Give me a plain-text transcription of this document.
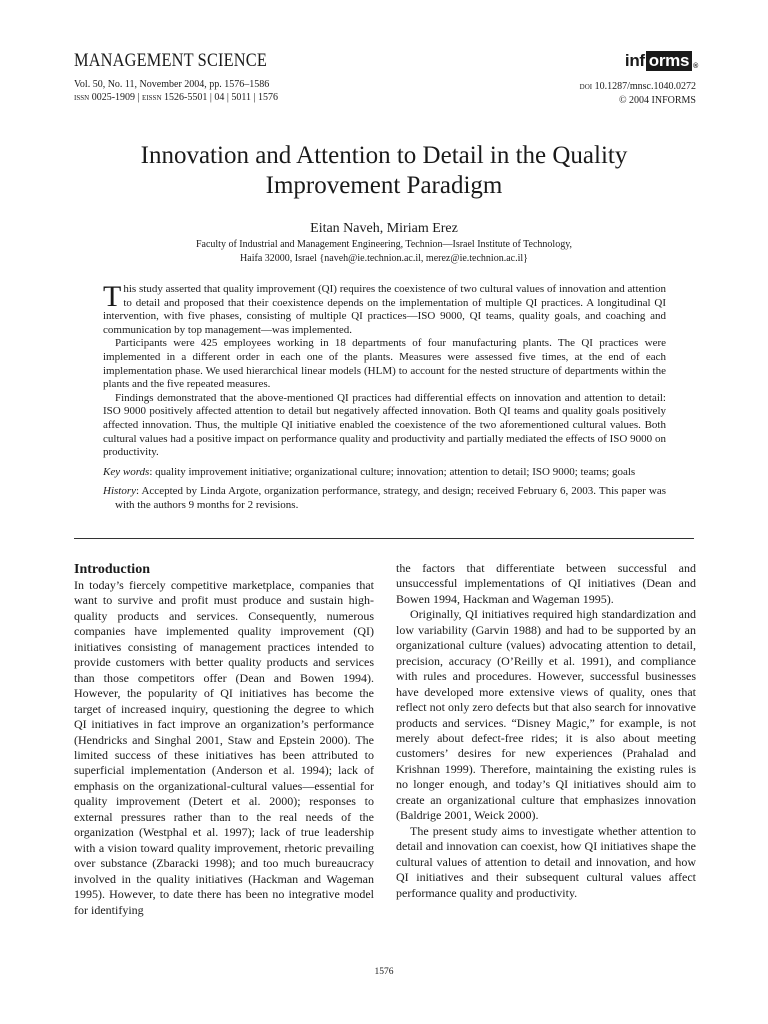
MANAGEMENT SCIENCE
Vol. 50, No. 11, November 2004, pp. 1576–1586
issn 0025-1909 | eissn 1526-5501 | 04 | 5011 | 1576
inf orms ®
doi 10.1287/mnsc.1040.0272
© 2004 INFORMS
Innovation and Attention to Detail in the Quality Improvement Paradigm
Eitan Naveh, Miriam Erez
Faculty of Industrial and Management Engineering, Technion—Israel Institute of Technology,
Haifa 32000, Israel {naveh@ie.technion.ac.il, merez@ie.technion.ac.il}

This study asserted that quality improvement (QI) requires the coexistence of two cultural values of innovation and attention to detail and proposed that their coexistence depends on the implementation of multiple QI practices. A longitudinal QI intervention, with five phases, consisting of multiple QI practices—ISO 9000, QI teams, quality goals, and coaching and communication by top management—was implemented.

Participants were 425 employees working in 18 departments of four manufacturing plants. The QI practices were implemented in a different order in each one of the plants. Measures were assessed five times, at the end of each implementation phase. We used hierarchical linear models (HLM) to account for the nested structure of departments within the plants and the five repeated measures.

Findings demonstrated that the above-mentioned QI practices had differential effects on innovation and attention to detail: ISO 9000 positively affected attention to detail but negatively affected innovation. Both QI teams and quality goals positively affected innovation. Thus, the multiple QI initiative enabled the coexistence of the two aforementioned cultural values. Both cultural values had a positive impact on performance quality and productivity and partially mediated the effects of ISO 9000 on productivity.

Key words: quality improvement initiative; organizational culture; innovation; attention to detail; ISO 9000; teams; goals
History: Accepted by Linda Argote, organization performance, strategy, and design; received February 6, 2003. This paper was with the authors 9 months for 2 revisions.
Introduction

In today’s fiercely competitive marketplace, companies that want to survive and profit must produce and sustain high-quality products and services. Consequently, numerous companies have implemented quality improvement (QI) initiatives consisting of management practices intended to provide customers with better quality products and services than those competitors offer (Dean and Bowen 1994). However, the popularity of QI initiatives has become the target of increased inquiry, questioning the degree to which QI initiatives in fact improve an organization’s performance (Hendricks and Singhal 2001, Staw and Epstein 2000). The limited success of these initiatives has been attributed to superficial implementation (Anderson et al. 1994); lack of emphasis on the organizational-cultural values—essential for quality improvement (Detert et al. 2000); responses to external pressures rather than to the real needs of the organization (Westphal et al. 1997); lack of true leadership with a vision toward quality improvement, rhetoric prevailing over substance (Zbaracki 1998); and too much bureaucracy involved in the quality initiatives (Hackman and Wageman 1995). However, to date there has been no integrative model for identifying

the factors that differentiate between successful and unsuccessful implementations of QI initiatives (Dean and Bowen 1994, Hackman and Wageman 1995).

Originally, QI initiatives required high standardization and low variability (Garvin 1988) and had to be supported by an organizational culture (values) advocating attention to detail, precision, accuracy (O’Reilly et al. 1991), and compliance with rules and procedures. However, successful businesses have developed more extensive views of quality, ones that reflect not only zero defects but that also search for innovative products and services. “Disney Magic,” for example, is not merely about defect-free rides; it is also about meeting customers’ desires for new experiences (Prahalad and Krishnan 1999). Therefore, maintaining the existing rules is no longer enough, and today’s QI initiatives should aim to create an organizational culture that emphasizes innovation (Baldrige 2001, Weick 2000).

The present study aims to investigate whether attention to detail and innovation can coexist, how QI initiatives shape the cultural values of attention to detail and innovation, and how QI initiatives and their subsequent cultural values affect performance quality and productivity.

1576
